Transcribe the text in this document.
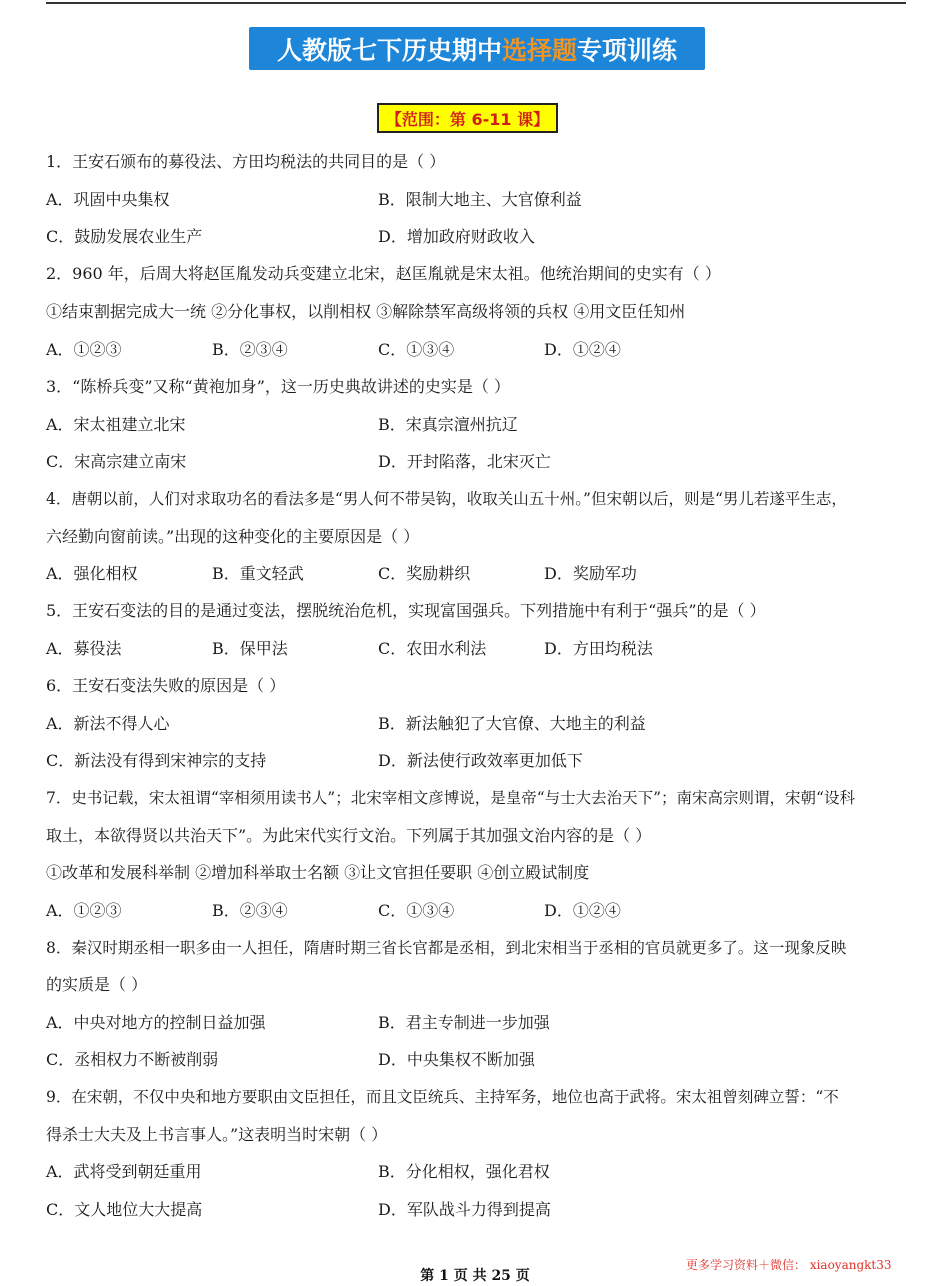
人教版七下历史期中 选择题 专项训练
【范围：第 6-11 课】
1．王安石颁布的募役法、方田均税法的共同目的是（ ）
A．巩固中央集权	B．限制大地主、大官僚利益
C．鼓励发展农业生产	D．增加政府财政收入
2．960 年，后周大将赵匡胤发动兵变建立北宋，赵匡胤就是宋太祖。他统治期间的史实有（ ）
①结束割据完成大一统 ②分化事权，以削相权 ③解除禁军高级将领的兵权 ④用文臣任知州
A．①②③	B．②③④	C．①③④	D．①②④
3．“陈桥兵变”又称“黄袍加身”，这一历史典故讲述的史实是（ ）
A．宋太祖建立北宋	B．宋真宗澶州抗辽
C．宋高宗建立南宋	D．开封陷落，北宋灭亡
4．唐朝以前，人们对求取功名的看法多是“男人何不带吴钩，收取关山五十州。”但宋朝以后，则是“男儿若遂平生志，
六经勤向窗前读。”出现的这种变化的主要原因是（ ）
A．强化相权	B．重文轻武	C．奖励耕织	D．奖励军功
5．王安石变法的目的是通过变法，摆脱统治危机，实现富国强兵。下列措施中有利于“强兵”的是（ ）
A．募役法	B．保甲法	C．农田水利法	D．方田均税法
6．王安石变法失败的原因是（ ）
A．新法不得人心	B．新法触犯了大官僚、大地主的利益
C．新法没有得到宋神宗的支持	D．新法使行政效率更加低下
7．史书记载，宋太祖谓“宰相须用读书人”；北宋宰相文彦博说，是皇帝“与士大去治天下”；南宋高宗则谓，宋朝“设科
取土，本欲得贤以共治天下”。为此宋代实行文治。下列属于其加强文治内容的是（ ）
①改革和发展科举制 ②增加科举取士名额 ③让文官担任要职 ④创立殿试制度
A．①②③	B．②③④	C．①③④	D．①②④
8．秦汉时期丞相一职多由一人担任，隋唐时期三省长官都是丞相，到北宋相当于丞相的官员就更多了。这一现象反映
的实质是（ ）
A．中央对地方的控制日益加强	B．君主专制进一步加强
C．丞相权力不断被削弱	D．中央集权不断加强
9．在宋朝，不仅中央和地方要职由文臣担任，而且文臣统兵、主持军务，地位也高于武将。宋太祖曾刻碑立誓：“不
得杀士大夫及上书言事人。”这表明当时宋朝（ ）
A．武将受到朝廷重用	B．分化相权，强化君权
C．文人地位大大提高	D．军队战斗力得到提高
更多学习资料＋微信： xiaoyangkt33
第 1 页 共 25 页
